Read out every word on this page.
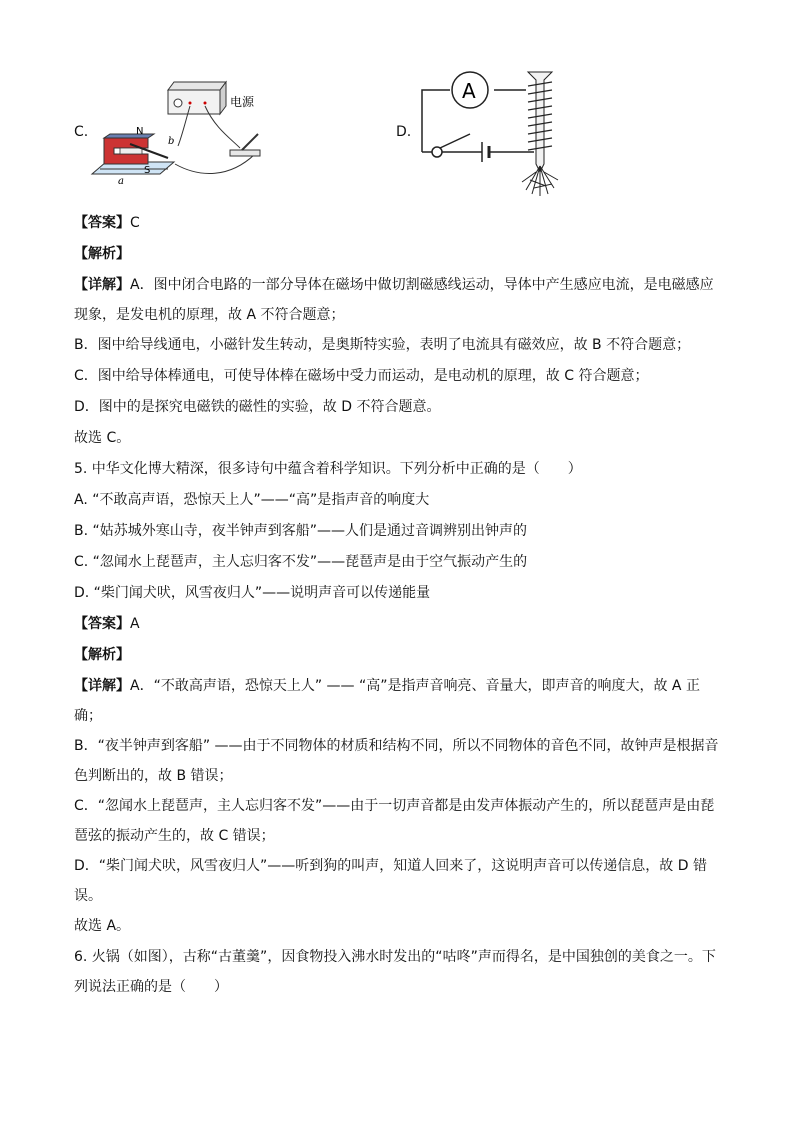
C.
电源
N
S
b
a
D.
A
【答案】C
【解析】
【详解】A．图中闭合电路的一部分导体在磁场中做切割磁感线运动，导体中产生感应电流，是电磁感应现象，是发电机的原理，故 A 不符合题意；
B．图中给导线通电，小磁针发生转动，是奥斯特实验，表明了电流具有磁效应，故 B 不符合题意；
C．图中给导体棒通电，可使导体棒在磁场中受力而运动，是电动机的原理，故 C 符合题意；
D．图中的是探究电磁铁的磁性的实验，故 D 不符合题意。
故选 C。
5. 中华文化博大精深，很多诗句中蕴含着科学知识。下列分析中正确的是（　　）
A. “不敢高声语，恐惊天上人”——“高”是指声音的响度大
B. “姑苏城外寒山寺，夜半钟声到客船”——人们是通过音调辨别出钟声的
C. “忽闻水上琵琶声，主人忘归客不发”——琵琶声是由于空气振动产生的
D. “柴门闻犬吠，风雪夜归人”——说明声音可以传递能量
【答案】A
【解析】
【详解】A．“不敢高声语，恐惊天上人” —— “高”是指声音响亮、音量大，即声音的响度大，故 A 正确；
B．“夜半钟声到客船” ——由于不同物体的材质和结构不同，所以不同物体的音色不同，故钟声是根据音色判断出的，故 B 错误；
C．“忽闻水上琵琶声，主人忘归客不发”——由于一切声音都是由发声体振动产生的，所以琵琶声是由琵琶弦的振动产生的，故 C 错误；
D．“柴门闻犬吠，风雪夜归人”——听到狗的叫声，知道人回来了，这说明声音可以传递信息，故 D 错误。
故选 A。
6. 火锅（如图），古称“古董羹”，因食物投入沸水时发出的“咕咚”声而得名，是中国独创的美食之一。下列说法正确的是（　　）
